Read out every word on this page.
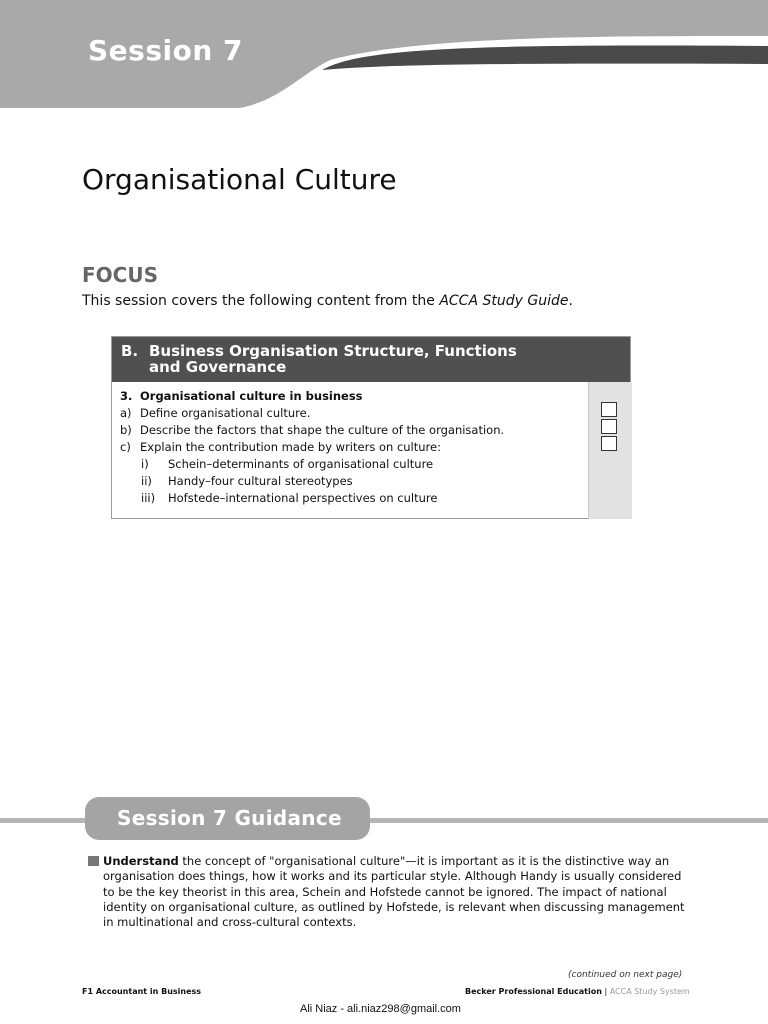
Session 7
Organisational Culture
FOCUS
This session covers the following content from the ACCA Study Guide.
B. Business Organisation Structure, Functions
and Governance
3. Organisational culture in business
a) Define organisational culture.
b) Describe the factors that shape the culture of the organisation.
c) Explain the contribution made by writers on culture:
i)	Schein–determinants of organisational culture
ii)	Handy–four cultural stereotypes
iii)	Hofstede–international perspectives on culture
Session 7 Guidance
Understand the concept of "organisational culture"—it is important as it is the distinctive way an
organisation does things, how it works and its particular style. Although Handy is usually considered
to be the key theorist in this area, Schein and Hofstede cannot be ignored. The impact of national
identity on organisational culture, as outlined by Hofstede, is relevant when discussing management
in multinational and cross-cultural contexts.
(continued on next page)
F1 Accountant in Business	Becker Professional Education | ACCA Study System
Ali Niaz - ali.niaz298@gmail.com
